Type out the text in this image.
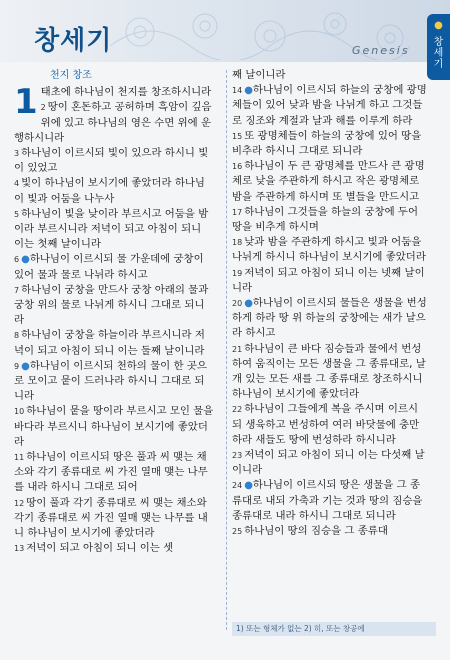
창세기	Genesis
●
창
세
기
천지 창조
1 태초에 하나님이 천지를 창조하시니라

2 땅이 혼돈하고 공허하며 흑암이 깊음 위에 있고 하나님의 영은 수면 위에 운행하시니라

3 하나님이 이르시되 빛이 있으라 하시니 빛이 있었고

4 빛이 하나님이 보시기에 좋았더라 하나님이 빛과 어둠을 나누사

5 하나님이 빛을 낮이라 부르시고 어둠을 밤이라 부르시니라 저녁이 되고 아침이 되니 이는 첫째 날이니라

6 ●하나님이 이르시되 물 가운데에 궁창이 있어 물과 물로 나뉘라 하시고

7 하나님이 궁창을 만드사 궁창 아래의 물과 궁창 위의 물로 나뉘게 하시니 그대로 되니라

8 하나님이 궁창을 하늘이라 부르시니라 저녁이 되고 아침이 되니 이는 둘째 날이니라

9 ●하나님이 이르시되 천하의 물이 한 곳으로 모이고 뭍이 드러나라 하시니 그대로 되니라

10 하나님이 뭍을 땅이라 부르시고 모인 물을 바다라 부르시니 하나님이 보시기에 좋았더라

11 하나님이 이르시되 땅은 풀과 씨 맺는 채소와 각기 종류대로 씨 가진 열매 맺는 나무를 내라 하시니 그대로 되어

12 땅이 풀과 각기 종류대로 씨 맺는 채소와 각기 종류대로 씨 가진 열매 맺는 나무를 내니 하나님이 보시기에 좋았더라

13 저녁이 되고 아침이 되니 이는 셋

째 날이니라

14 ●하나님이 이르시되 하늘의 궁창에 광명체들이 있어 낮과 밤을 나뉘게 하고 그것들로 징조와 계절과 날과 해를 이루게 하라

15 또 광명체들이 하늘의 궁창에 있어 땅을 비추라 하시니 그대로 되니라

16 하나님이 두 큰 광명체를 만드사 큰 광명체로 낮을 주관하게 하시고 작은 광명체로 밤을 주관하게 하시며 또 별들을 만드시고

17 하나님이 그것들을 하늘의 궁창에 두어 땅을 비추게 하시며

18 낮과 밤을 주관하게 하시고 빛과 어둠을 나뉘게 하시니 하나님이 보시기에 좋았더라

19 저녁이 되고 아침이 되니 이는 넷째 날이니라

20 ●하나님이 이르시되 물들은 생물을 번성하게 하라 땅 위 하늘의 궁창에는 새가 날으라 하시고

21 하나님이 큰 바다 짐승들과 물에서 번성하여 움직이는 모든 생물을 그 종류대로, 날개 있는 모든 새를 그 종류대로 창조하시니 하나님이 보시기에 좋았더라

22 하나님이 그들에게 복을 주시며 이르시되 생육하고 번성하여 여러 바닷물에 충만하라 새들도 땅에 번성하라 하시니라

23 저녁이 되고 아침이 되니 이는 다섯째 날이니라

24 ●하나님이 이르시되 땅은 생물을 그 종류대로 내되 가축과 기는 것과 땅의 짐승을 종류대로 내라 하시니 그대로 되니라

25 하나님이 땅의 짐승을 그 종류대

1) 또는 형체가 없는 2) 히, 또는 창공에
